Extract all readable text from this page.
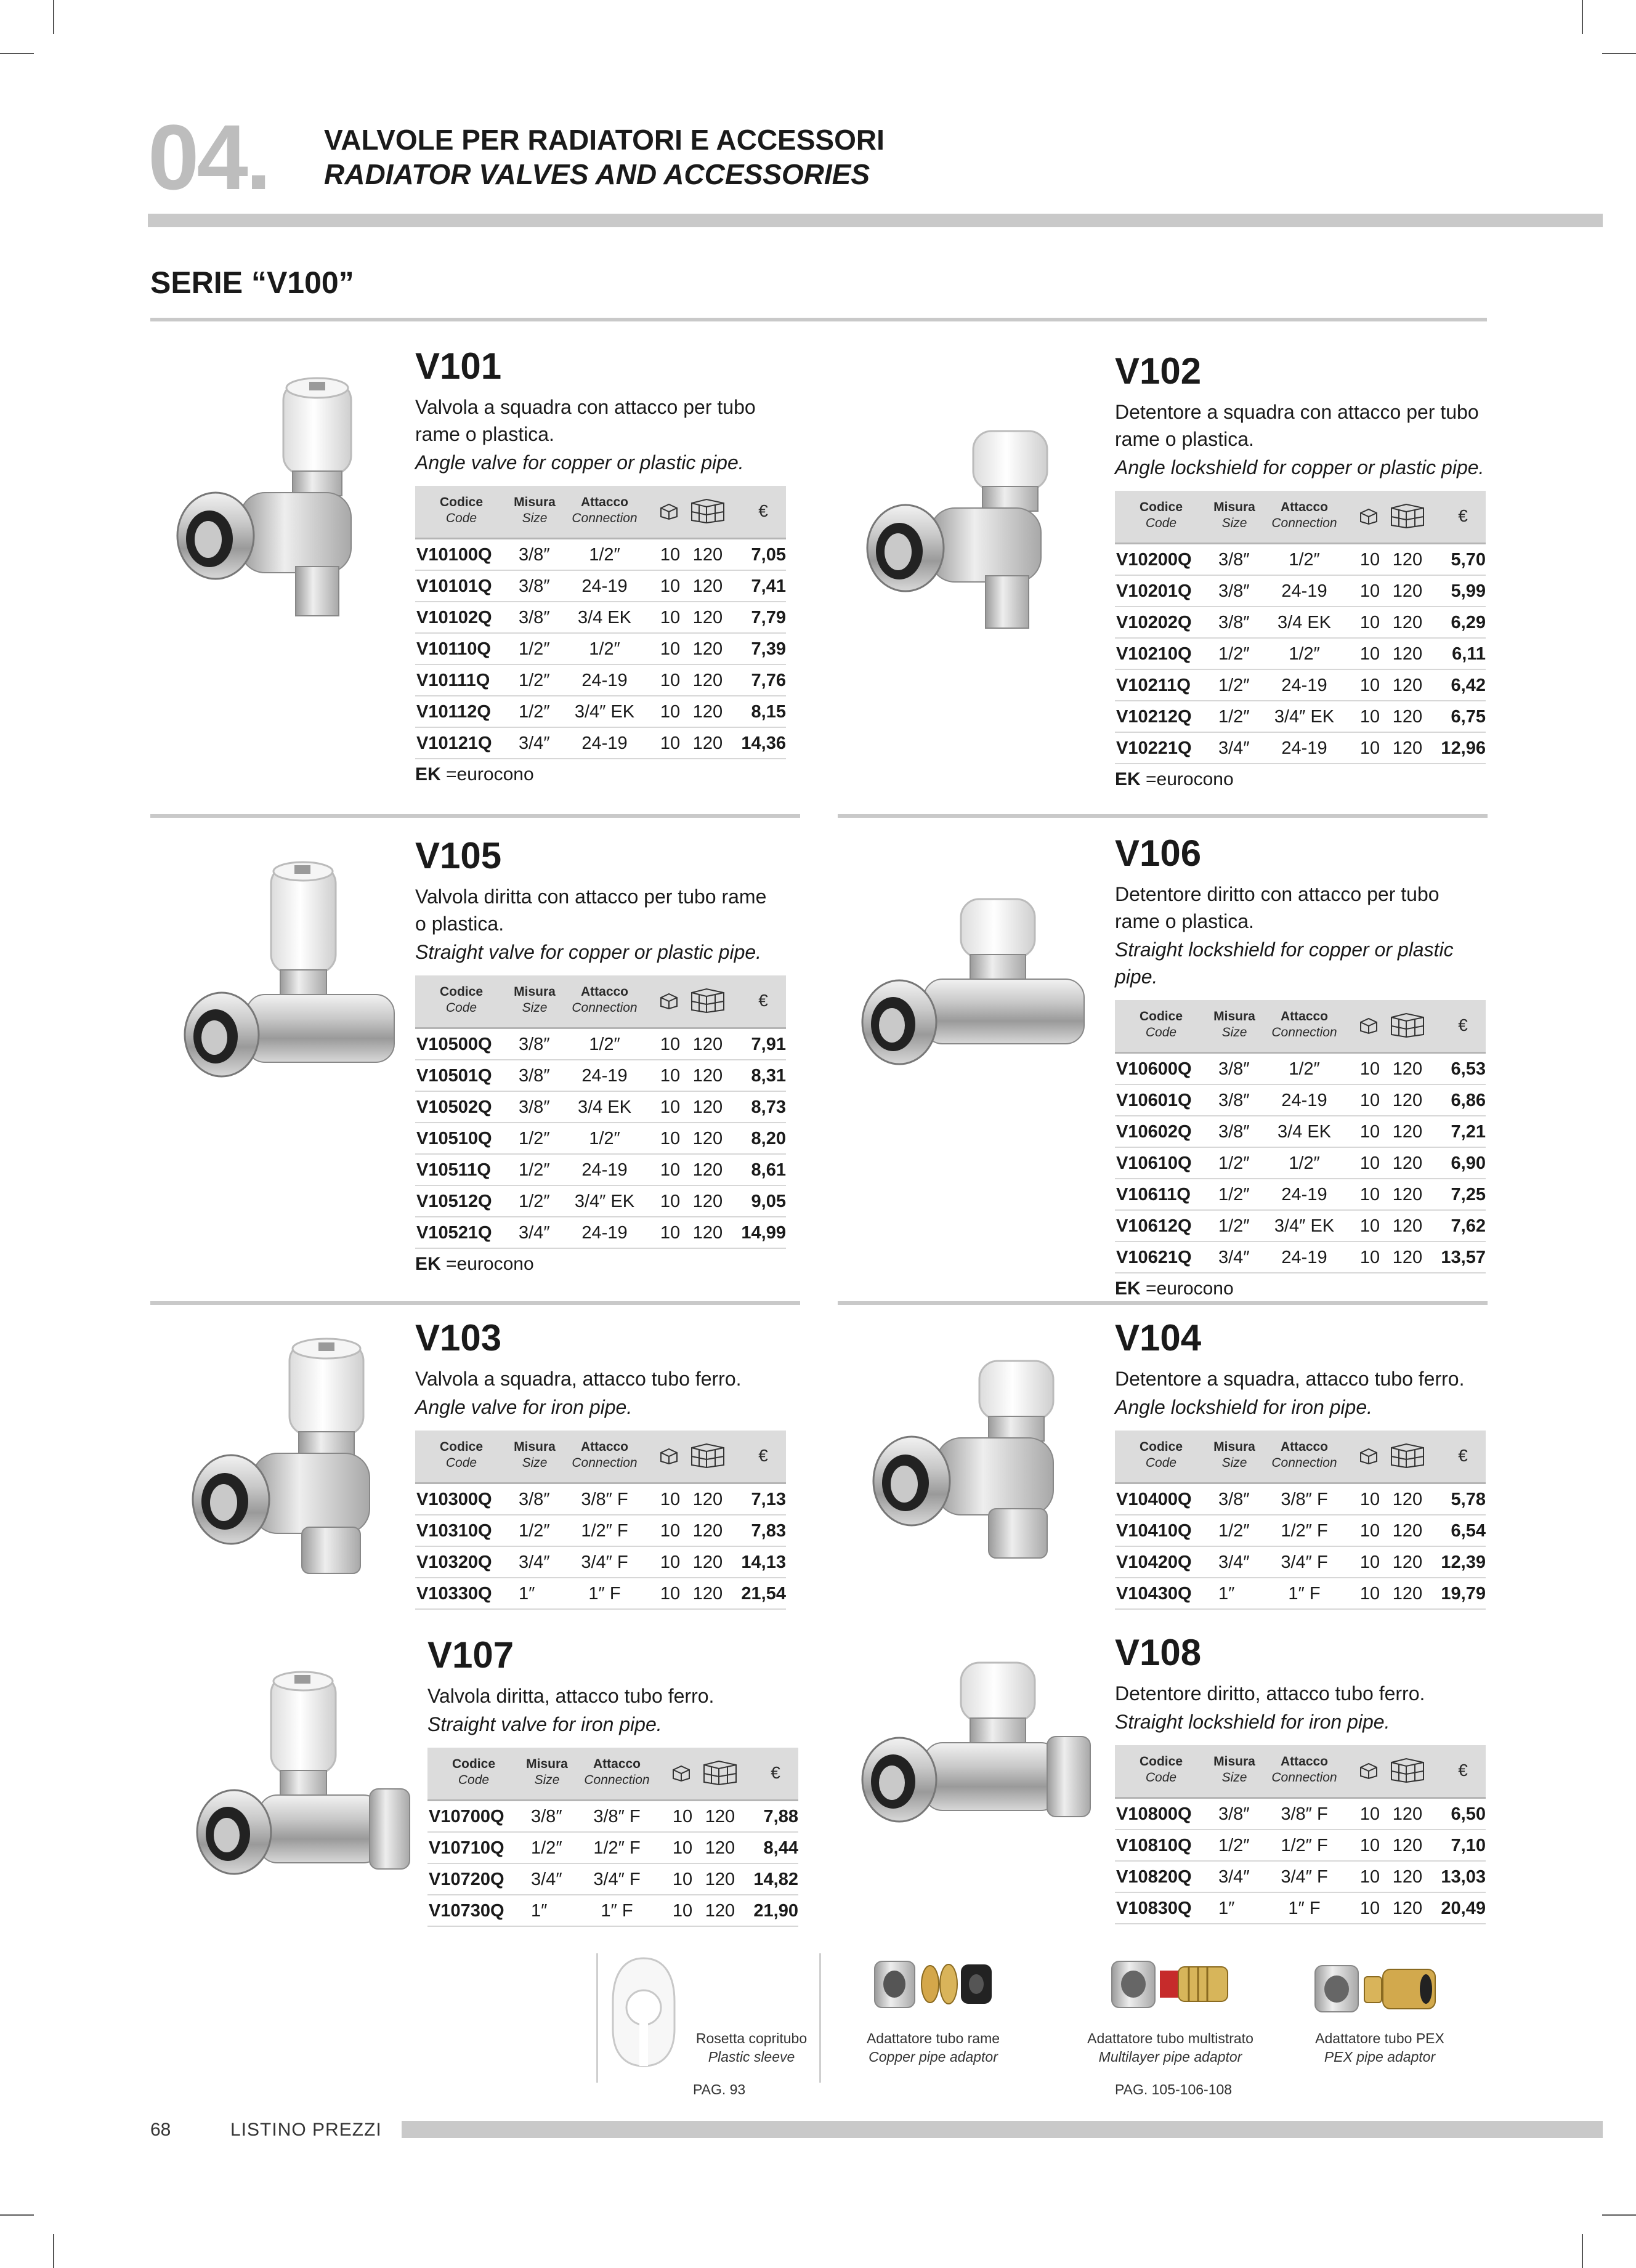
04. VALVOLE PER RADIATORI E ACCESSORI
RADIATOR VALVES AND ACCESSORIES
SERIE “V100”
V101
Valvola a squadra con attacco per tubo rame o plastica.
Angle valve for copper or plastic pipe.
Codice
Code
Misura
Size
Attacco
Connection	€
V10100Q 3/8″	1/2″	10 120	7,05
V10101Q 3/8″	24-19	10 120	7,41
V10102Q 3/8″	3/4 EK	10 120	7,79
V10110Q 1/2″	1/2″	10 120	7,39
V10111Q 1/2″	24-19	10 120	7,76
V10112Q 1/2″	3/4″ EK	10 120	8,15
V10121Q 3/4″	24-19	10 120	14,36
EK =eurocono
V102
Detentore a squadra con attacco per tubo rame o plastica.
Angle lockshield for copper or plastic pipe.
Codice
Code
Misura
Size
Attacco
Connection	€
V10200Q 3/8″	1/2″	10 120	5,70
V10201Q 3/8″	24-19	10 120	5,99
V10202Q 3/8″	3/4 EK	10 120	6,29
V10210Q 1/2″	1/2″	10 120	6,11
V10211Q 1/2″	24-19	10 120	6,42
V10212Q 1/2″	3/4″ EK	10 120	6,75
V10221Q 3/4″	24-19	10 120	12,96
EK =eurocono
V105
Valvola diritta con attacco per tubo rame o plastica.
Straight valve for copper or plastic pipe.
Codice
Code
Misura
Size
Attacco
Connection	€
V10500Q 3/8″	1/2″	10 120	7,91
V10501Q 3/8″	24-19	10 120	8,31
V10502Q 3/8″	3/4 EK	10 120	8,73
V10510Q 1/2″	1/2″	10 120	8,20
V10511Q 1/2″	24-19	10 120	8,61
V10512Q 1/2″	3/4″ EK	10 120	9,05
V10521Q 3/4″	24-19	10 120	14,99
EK =eurocono
V106
Detentore diritto con attacco per tubo rame o plastica.
Straight lockshield for copper or plastic pipe.
Codice
Code
Misura
Size
Attacco
Connection	€
V10600Q 3/8″	1/2″	10 120	6,53
V10601Q 3/8″	24-19	10 120	6,86
V10602Q 3/8″	3/4 EK	10 120	7,21
V10610Q 1/2″	1/2″	10 120	6,90
V10611Q 1/2″	24-19	10 120	7,25
V10612Q 1/2″	3/4″ EK	10 120	7,62
V10621Q 3/4″	24-19	10 120	13,57
EK =eurocono
V103
Valvola a squadra, attacco tubo ferro.
Angle valve for iron pipe.
Codice
Code
Misura
Size
Attacco
Connection	€
V10300Q 3/8″	3/8″ F	10 120	7,13
V10310Q 1/2″	1/2″ F	10 120	7,83
V10320Q 3/4″	3/4″ F	10 120	14,13
V10330Q 1″	1″ F	10 120	21,54
V104
Detentore a squadra, attacco tubo ferro.
Angle lockshield for iron pipe.
Codice
Code
Misura
Size
Attacco
Connection	€
V10400Q 3/8″	3/8″ F	10 120	5,78
V10410Q 1/2″	1/2″ F	10 120	6,54
V10420Q 3/4″	3/4″ F	10 120	12,39
V10430Q 1″	1″ F	10 120	19,79
V107
Valvola diritta, attacco tubo ferro.
Straight valve for iron pipe.
Codice
Code
Misura
Size
Attacco
Connection	€
V10700Q 3/8″	3/8″ F	10 120	7,88
V10710Q 1/2″	1/2″ F	10 120	8,44
V10720Q 3/4″	3/4″ F	10 120	14,82
V10730Q 1″	1″ F	10 120	21,90
V108
Detentore diritto, attacco tubo ferro.
Straight lockshield for iron pipe.
Codice
Code
Misura
Size
Attacco
Connection	€
V10800Q 3/8″	3/8″ F	10 120	6,50
V10810Q 1/2″	1/2″ F	10 120	7,10
V10820Q 3/4″	3/4″ F	10 120	13,03
V10830Q 1″	1″ F	10 120	20,49
Rosetta copritubo
Plastic sleeve
Adattatore tubo rame
Copper pipe adaptor
Adattatore tubo multistrato
Multilayer pipe adaptor
Adattatore tubo PEX
PEX pipe adaptor
PAG. 93	PAG. 105-106-108
68	LISTINO PREZZI
